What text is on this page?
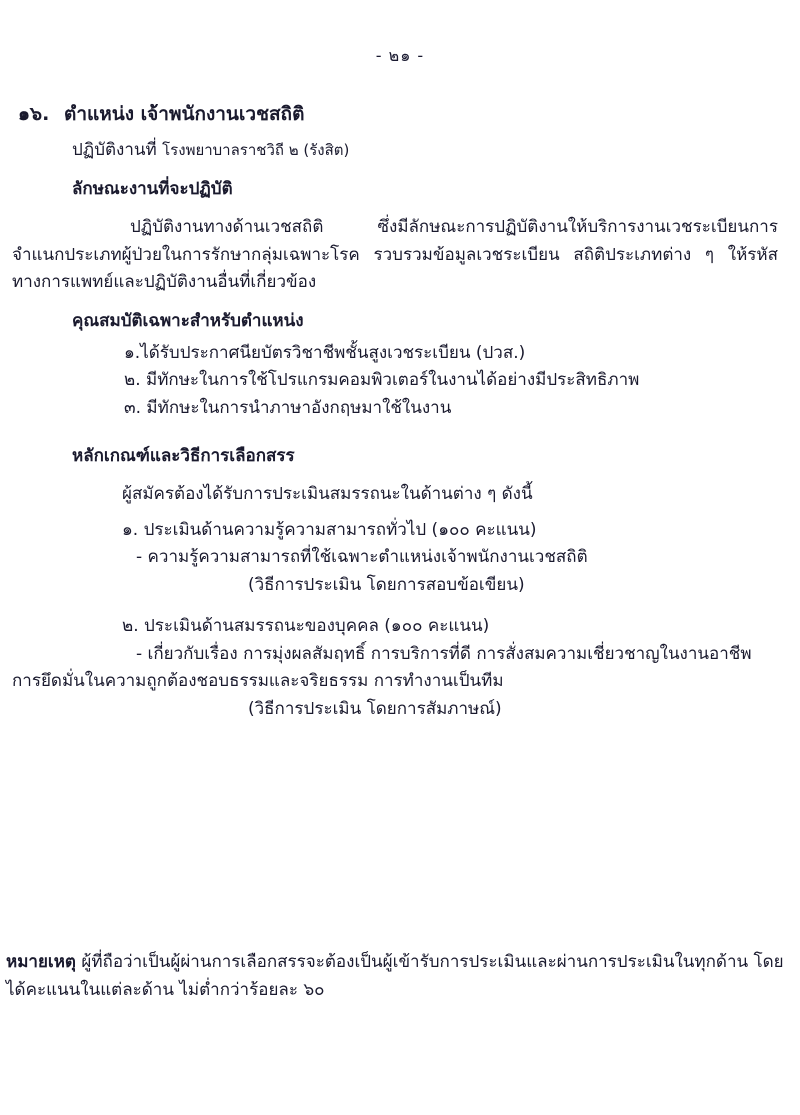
- ๒๑ -
๑๖. ตำแหน่ง เจ้าพนักงานเวชสถิติ
ปฏิบัติงานที่ โรงพยาบาลราชวิถี ๒ (รังสิต)
ลักษณะงานที่จะปฏิบัติ
ปฏิบัติงานทางด้านเวชสถิติ ซึ่งมีลักษณะการปฏิบัติงานให้บริการงานเวชระเบียนการจำแนกประเภทผู้ป่วยในการรักษากลุ่มเฉพาะโรค รวบรวมข้อมูลเวชระเบียน สถิติประเภทต่าง ๆ ให้รหัสทางการแพทย์และปฏิบัติงานอื่นที่เกี่ยวข้อง
คุณสมบัติเฉพาะสำหรับตำแหน่ง
๑.ได้รับประกาศนียบัตรวิชาชีพชั้นสูงเวชระเบียน (ปวส.)
๒. มีทักษะในการใช้โปรแกรมคอมพิวเตอร์ในงานได้อย่างมีประสิทธิภาพ
๓. มีทักษะในการนำภาษาอังกฤษมาใช้ในงาน
หลักเกณฑ์และวิธีการเลือกสรร
ผู้สมัครต้องได้รับการประเมินสมรรถนะในด้านต่าง ๆ ดังนี้
๑. ประเมินด้านความรู้ความสามารถทั่วไป (๑๐๐ คะแนน)
- ความรู้ความสามารถที่ใช้เฉพาะตำแหน่งเจ้าพนักงานเวชสถิติ
(วิธีการประเมิน โดยการสอบข้อเขียน)
๒. ประเมินด้านสมรรถนะของบุคคล (๑๐๐ คะแนน)
- เกี่ยวกับเรื่อง การมุ่งผลสัมฤทธิ์ การบริการที่ดี การสั่งสมความเชี่ยวชาญในงานอาชีพ
การยึดมั่นในความถูกต้องชอบธรรมและจริยธรรม การทำงานเป็นทีม
(วิธีการประเมิน โดยการสัมภาษณ์)
หมายเหตุ ผู้ที่ถือว่าเป็นผู้ผ่านการเลือกสรรจะต้องเป็นผู้เข้ารับการประเมินและผ่านการประเมินในทุกด้าน โดยได้คะแนนในแต่ละด้าน ไม่ต่ำกว่าร้อยละ ๖๐
